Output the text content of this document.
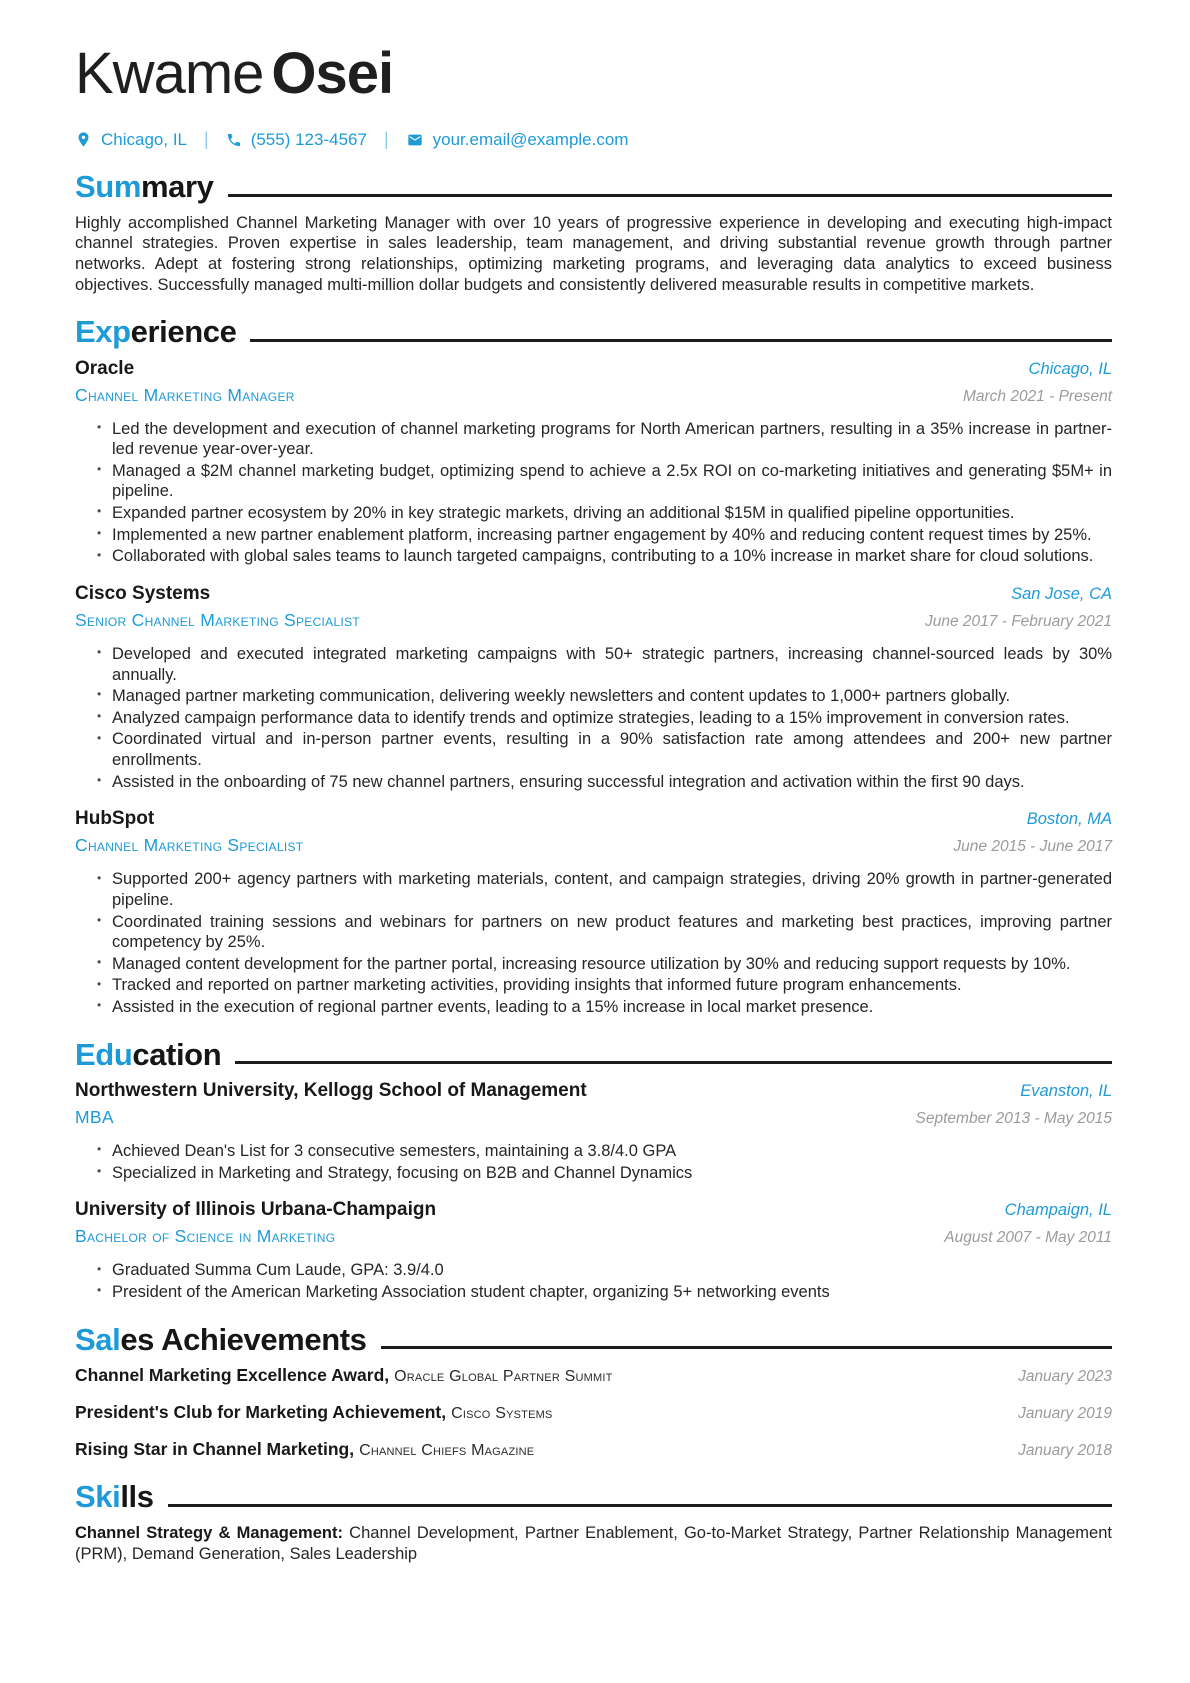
Kwame Osei
Chicago, IL | (555) 123-4567 |	your.email@example.com
Summary

Highly accomplished Channel Marketing Manager with over 10 years of progressive experience in developing and executing high-impact channel strategies. Proven expertise in sales leadership, team management, and driving substantial revenue growth through partner networks. Adept at fostering strong relationships, optimizing marketing programs, and leveraging data analytics to exceed business objectives. Successfully managed multi-million dollar budgets and consistently delivered measurable results in competitive markets.

Experience
Oracle	Chicago, IL
Channel Marketing Manager	March 2021 - Present
• Led the development and execution of channel marketing programs for North American partners, resulting in a 35% increase in partner-led revenue year-over-year.
• Managed a $2M channel marketing budget, optimizing spend to achieve a 2.5x ROI on co-marketing initiatives and generating $5M+ in pipeline.
• Expanded partner ecosystem by 20% in key strategic markets, driving an additional $15M in qualified pipeline opportunities.
• Implemented a new partner enablement platform, increasing partner engagement by 40% and reducing content request times by 25%.
• Collaborated with global sales teams to launch targeted campaigns, contributing to a 10% increase in market share for cloud solutions.
Cisco Systems	San Jose, CA
Senior Channel Marketing Specialist	June 2017 - February 2021
• Developed and executed integrated marketing campaigns with 50+ strategic partners, increasing channel-sourced leads by 30% annually.
• Managed partner marketing communication, delivering weekly newsletters and content updates to 1,000+ partners globally.
• Analyzed campaign performance data to identify trends and optimize strategies, leading to a 15% improvement in conversion rates.
• Coordinated virtual and in-person partner events, resulting in a 90% satisfaction rate among attendees and 200+ new partner enrollments.
• Assisted in the onboarding of 75 new channel partners, ensuring successful integration and activation within the first 90 days.
HubSpot	Boston, MA
Channel Marketing Specialist	June 2015 - June 2017
• Supported 200+ agency partners with marketing materials, content, and campaign strategies, driving 20% growth in partner-generated pipeline.
• Coordinated training sessions and webinars for partners on new product features and marketing best practices, improving partner competency by 25%.
• Managed content development for the partner portal, increasing resource utilization by 30% and reducing support requests by 10%.
• Tracked and reported on partner marketing activities, providing insights that informed future program enhancements.
• Assisted in the execution of regional partner events, leading to a 15% increase in local market presence.
Education
Northwestern University, Kellogg School of Management	Evanston, IL
MBA	September 2013 - May 2015
• Achieved Dean's List for 3 consecutive semesters, maintaining a 3.8/4.0 GPA
• Specialized in Marketing and Strategy, focusing on B2B and Channel Dynamics
University of Illinois Urbana-Champaign	Champaign, IL
Bachelor of Science in Marketing	August 2007 - May 2011
• Graduated Summa Cum Laude, GPA: 3.9/4.0
• President of the American Marketing Association student chapter, organizing 5+ networking events
Sales Achievements
Channel Marketing Excellence Award, Oracle Global Partner Summit	January 2023
President's Club for Marketing Achievement, Cisco Systems	January 2019
Rising Star in Channel Marketing, Channel Chiefs Magazine	January 2018
Skills

Channel Strategy & Management: Channel Development, Partner Enablement, Go-to-Market Strategy, Partner Relationship Management (PRM), Demand Generation, Sales Leadership
